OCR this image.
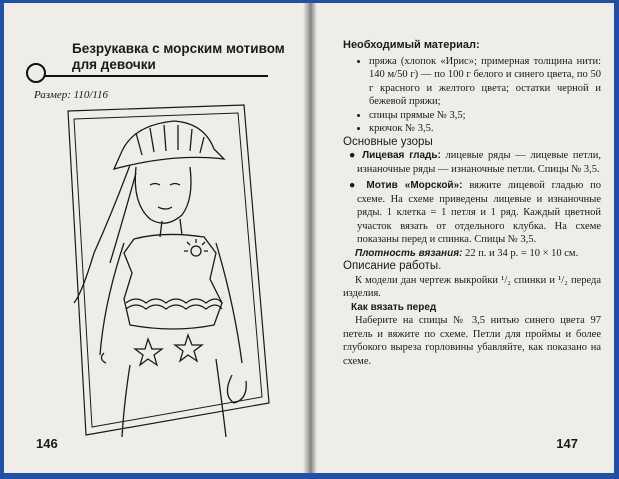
Безрукавка с морским мотивом
для девочки
Размер: 110/116
146

Необходимый материал:

• пряжа (хлопок «Ирис»; примерная толщина нити: 140 м/50 г) — по 100 г белого и синего цвета, по 50 г красного и желтого цвета; остатки черной и бежевой пряжи;
• спицы прямые № 3,5;
• крючок № 3,5.

Основные узоры

● Лицевая гладь: лицевые ряды — лицевые петли, изнаночные ряды — изнаночные петли. Спицы № 3,5.

● Мотив «Морской»: вяжите лицевой гладью по схеме. На схеме приведены лицевые и изнаночные ряды. 1 клетка = 1 петля и 1 ряд. Каждый цветной участок вязать от отдельного клубка. На схеме показаны перед и спинка. Спицы № 3,5.

Плотность вязания: 22 п. и 34 р. = 10 × 10 см.

Описание работы.

К модели дан чертеж выкройки ¹/₂ спинки и ¹/₂ переда изделия.

Как вязать перед

Наберите на спицы № 3,5 нитью синего цвета 97 петель и вяжите по схеме. Петли для проймы и более глубокого выреза горловины убавляйте, как показано на схеме.

147
